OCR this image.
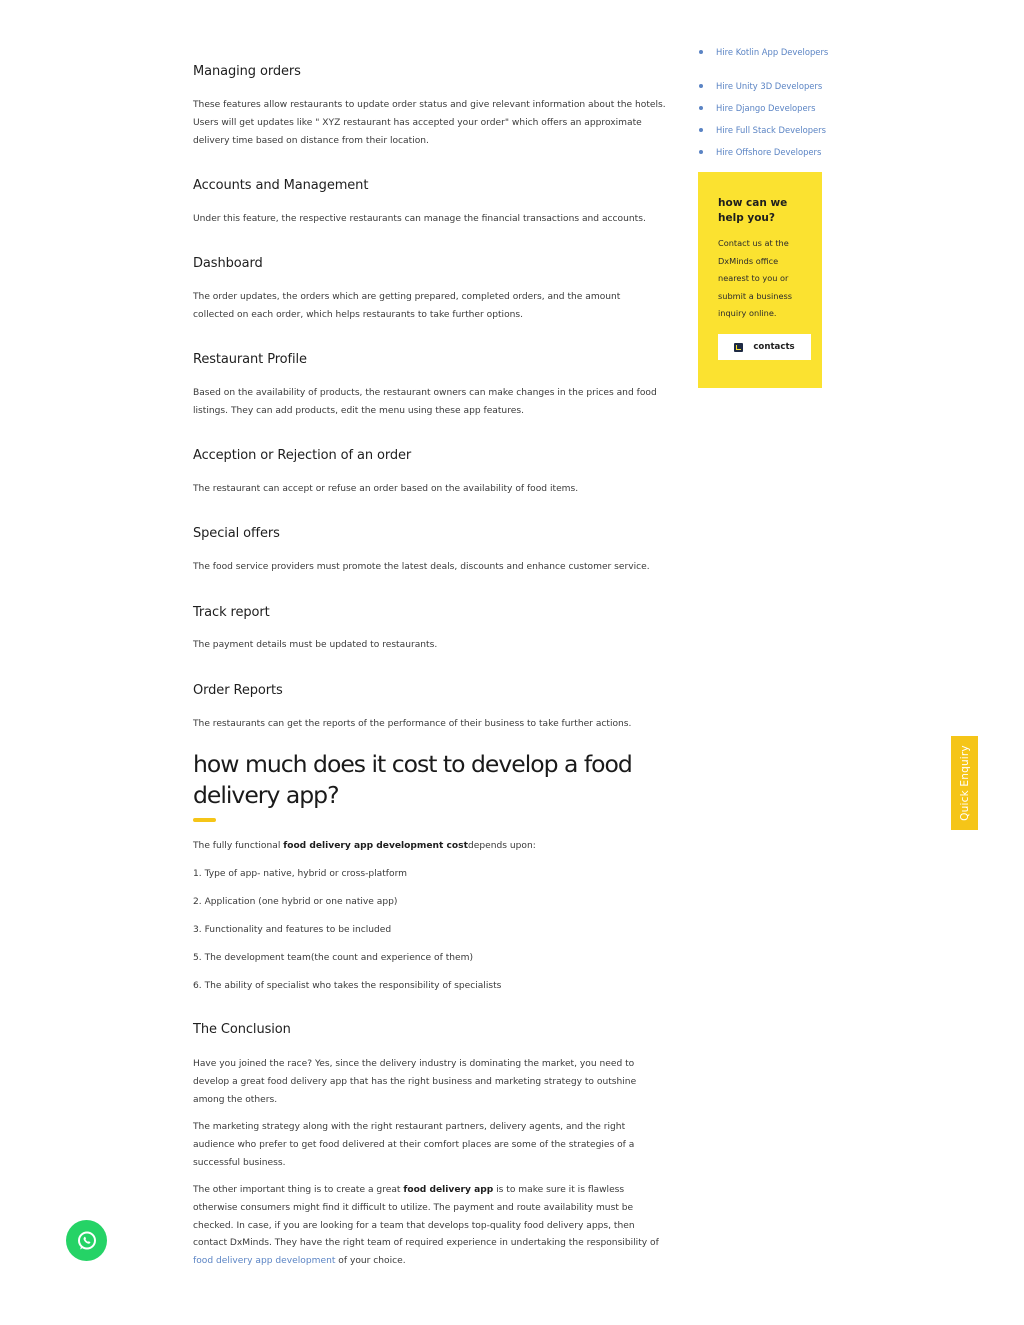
Hire Kotlin App Developers
Hire Unity 3D Developers
Hire Django Developers
Hire Full Stack Developers
Hire Offshore Developers
how can we help you?
Contact us at the DxMinds office nearest to you or submit a business inquiry online.
contacts
Managing orders

These features allow restaurants to update order status and give relevant information about the hotels. Users will get updates like " XYZ restaurant has accepted your order" which offers an approximate delivery time based on distance from their location.

Accounts and Management

Under this feature, the respective restaurants can manage the financial transactions and accounts.

Dashboard

The order updates, the orders which are getting prepared, completed orders, and the amount collected on each order, which helps restaurants to take further options.

Restaurant Profile

Based on the availability of products, the restaurant owners can make changes in the prices and food listings. They can add products, edit the menu using these app features.

Acception or Rejection of an order

The restaurant can accept or refuse an order based on the availability of food items.

Special offers

The food service providers must promote the latest deals, discounts and enhance customer service.

Track report

The payment details must be updated to restaurants.

Order Reports

The restaurants can get the reports of the performance of their business to take further actions.

how much does it cost to develop a food delivery app?

The fully functional food delivery app development costdepends upon:

1. Type of app- native, hybrid or cross-platform

2. Application (one hybrid or one native app)

3. Functionality and features to be included

5. The development team(the count and experience of them)

6. The ability of specialist who takes the responsibility of specialists

The Conclusion

Have you joined the race? Yes, since the delivery industry is dominating the market, you need to develop a great food delivery app that has the right business and marketing strategy to outshine among the others.

The marketing strategy along with the right restaurant partners, delivery agents, and the right audience who prefer to get food delivered at their comfort places are some of the strategies of a successful business.

The other important thing is to create a great food delivery app is to make sure it is flawless otherwise consumers might find it difficult to utilize. The payment and route availability must be checked. In case, if you are looking for a team that develops top-quality food delivery apps, then contact DxMinds. They have the right team of required experience in undertaking the responsibility of food delivery app development of your choice.

Quick Enquiry
